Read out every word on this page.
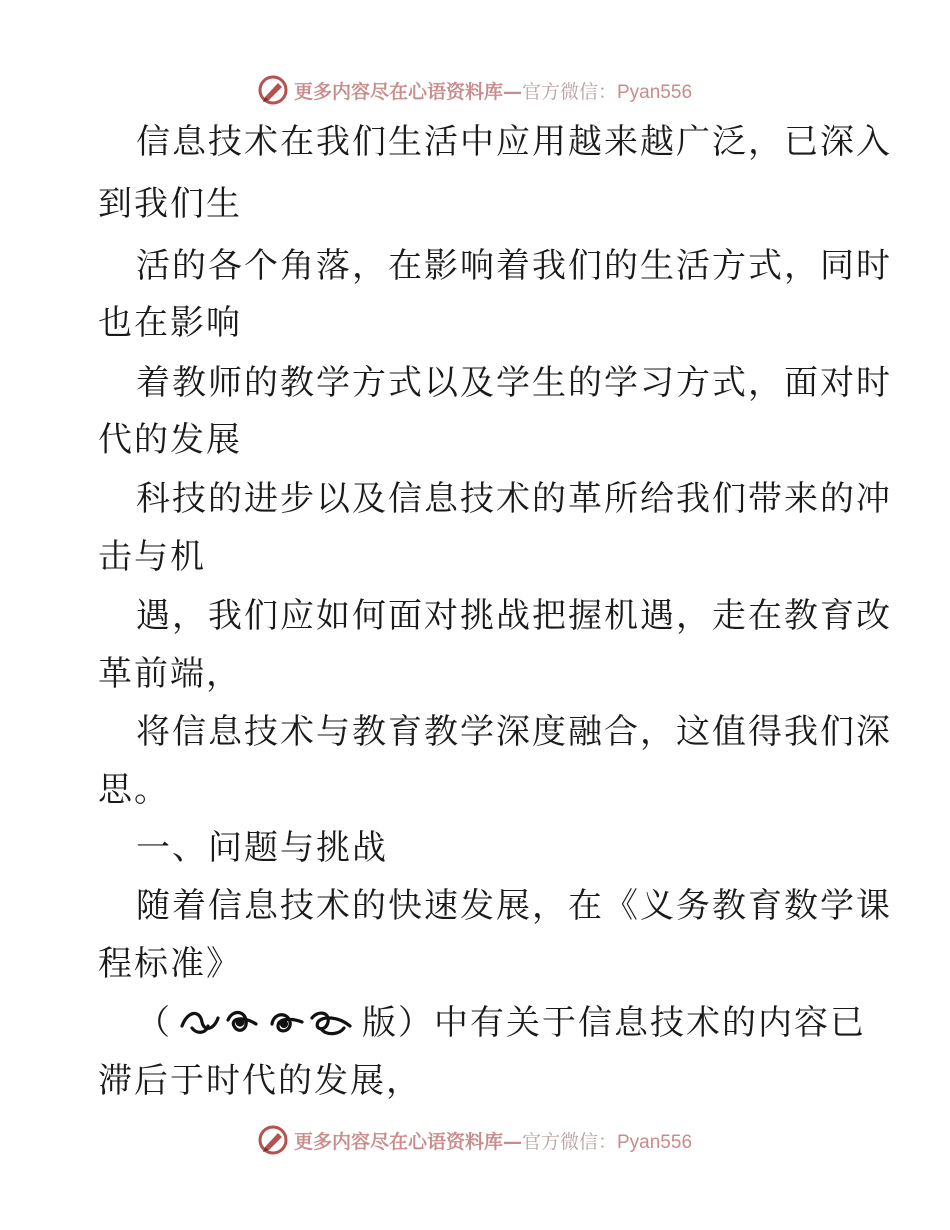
更多内容尽在心语资料库—官方微信：Pyan556
信息技术在我们生活中应用越来越广泛，已深入
到我们生
活的各个角落，在影响着我们的生活方式，同时
也在影响
着教师的教学方式以及学生的学习方式，面对时
代的发展
科技的进步以及信息技术的革所给我们带来的冲
击与机
遇，我们应如何面对挑战把握机遇，走在教育改
革前端，
将信息技术与教育教学深度融合，这值得我们深
思。
一、问题与挑战
随着信息技术的快速发展，在《义务教育数学课
程标准》
（	版）中有关于信息技术的内容已
滞后于时代的发展，
更多内容尽在心语资料库—官方微信：Pyan556
